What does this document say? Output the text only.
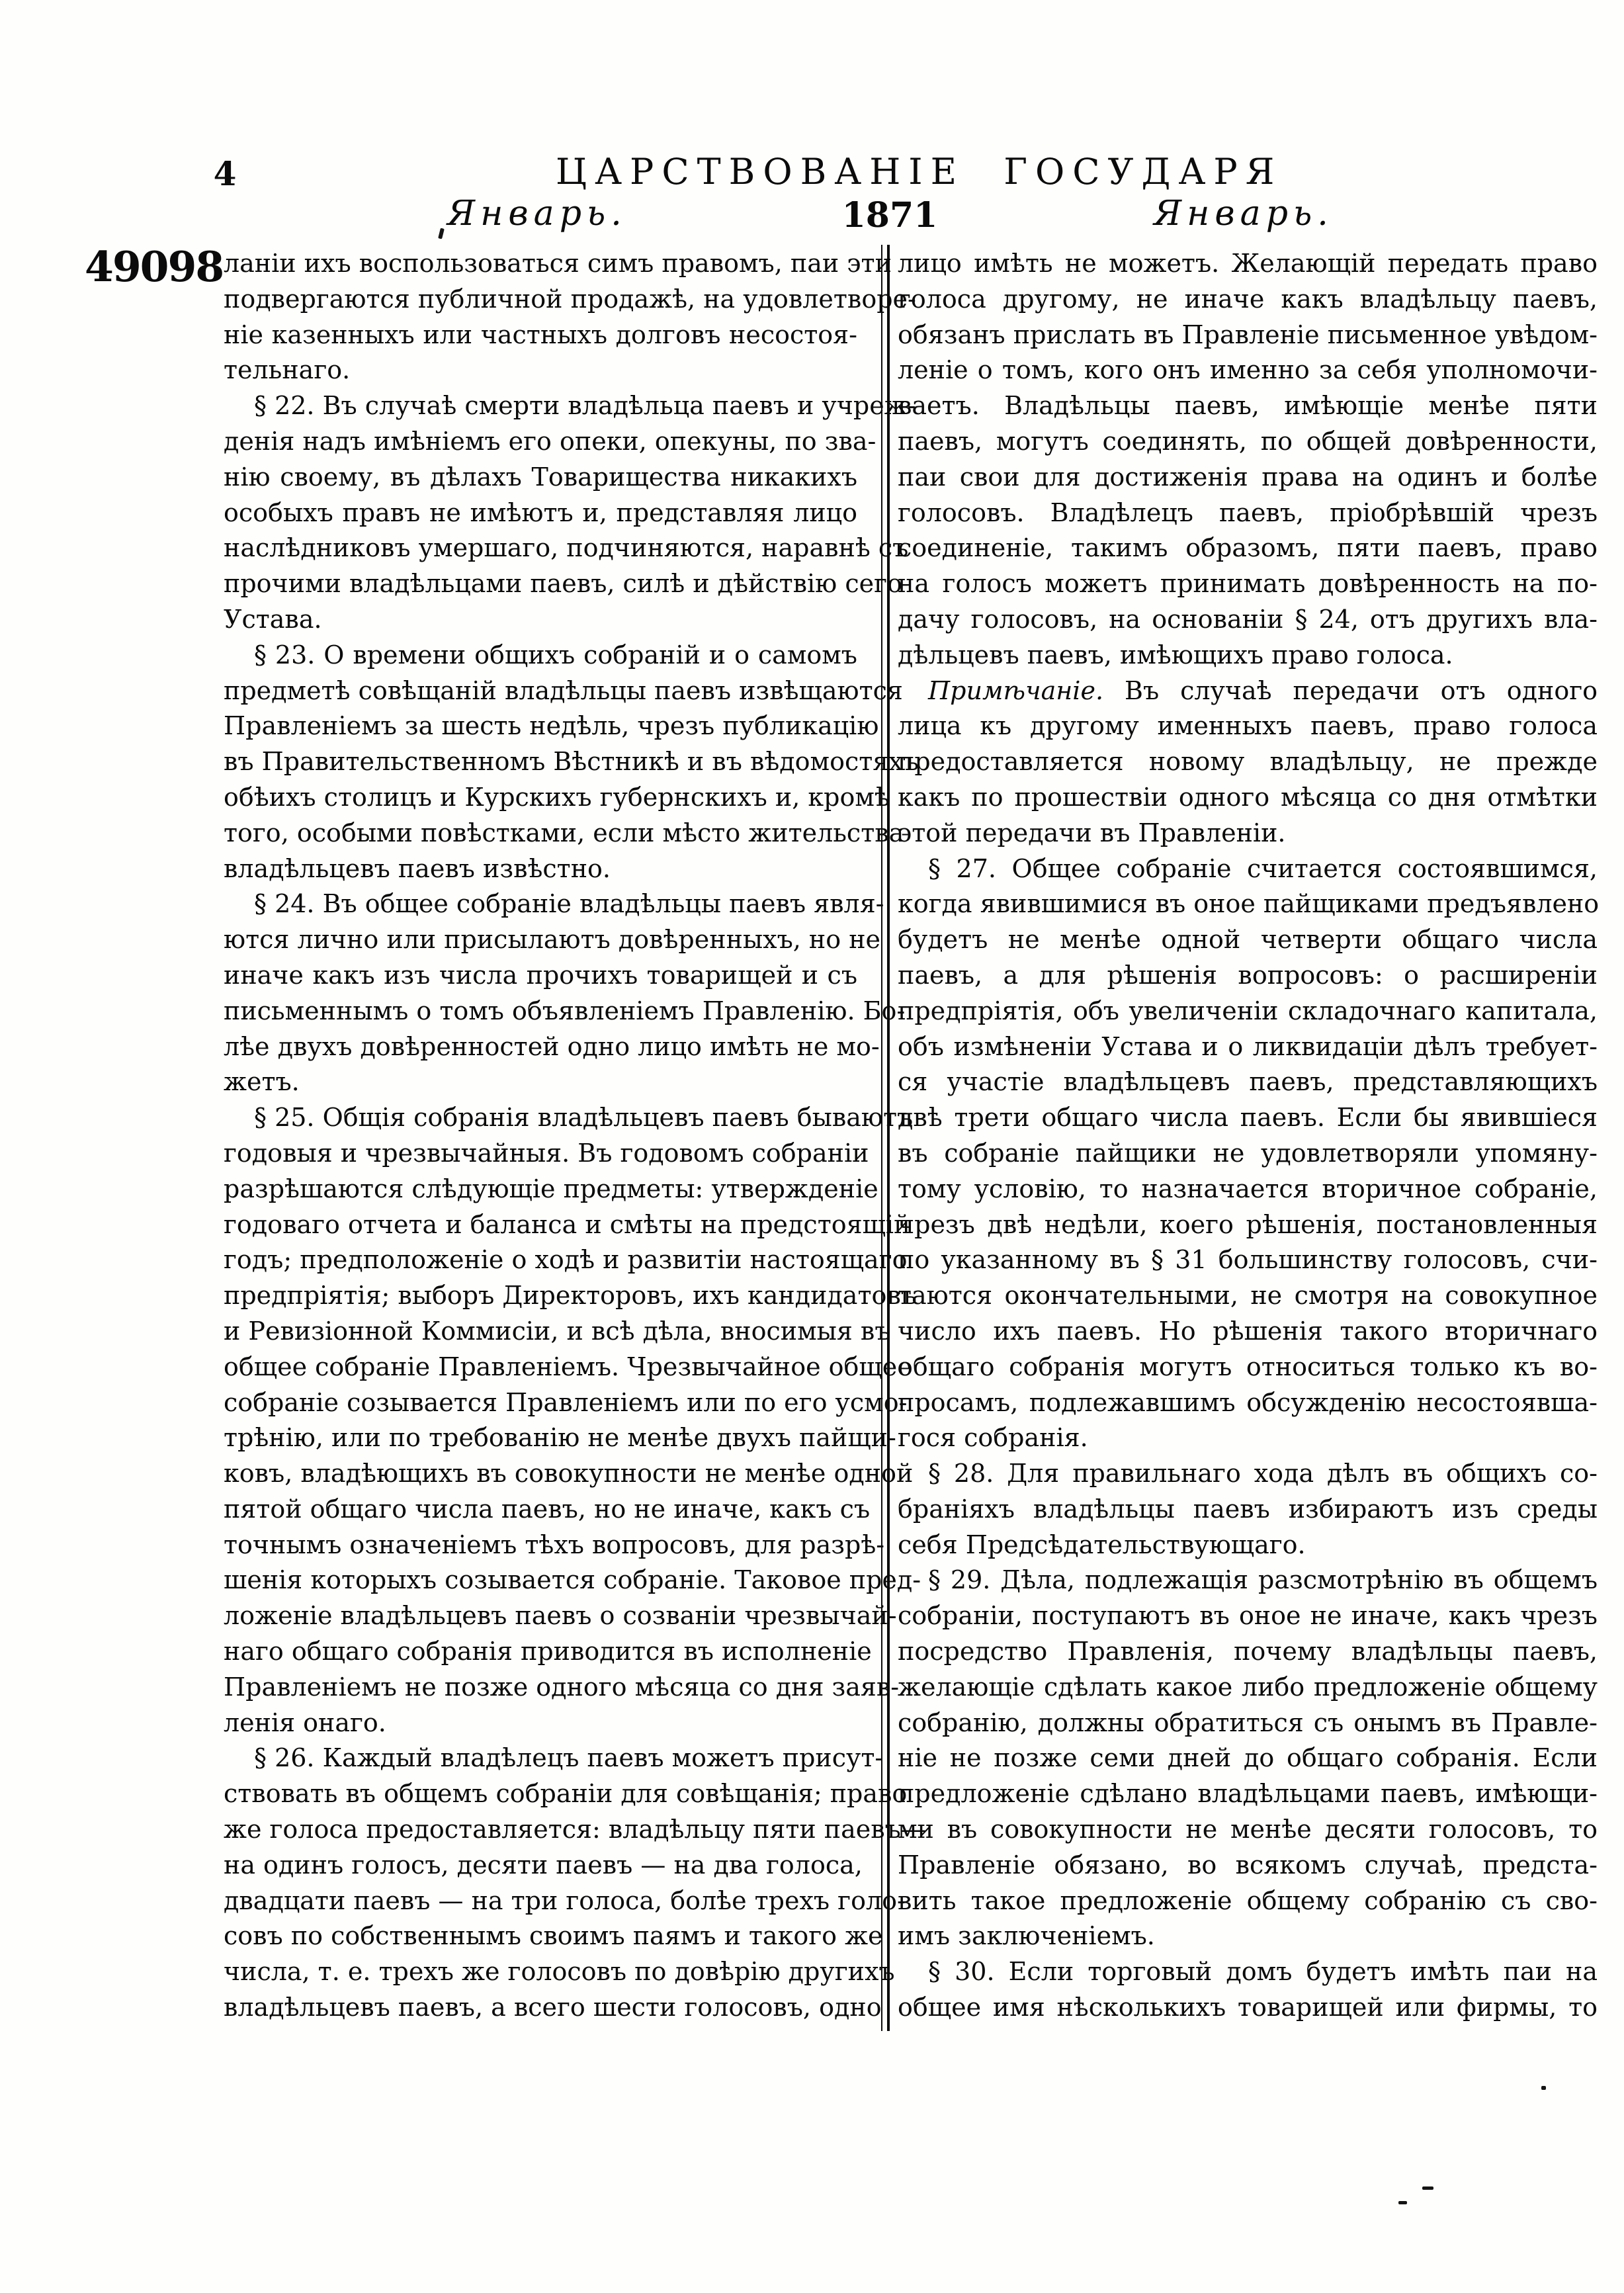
4	ЦАРСТВОВАНІЕ ГОСУДАРЯ
Январь.	1871	Январь.
49098 ланіи ихъ воспользоваться симъ правомъ, паи эти
подвергаются публичной продажѣ, на удовлетворе-
ніе казенныхъ или частныхъ долговъ несостоя-
тельнаго.
§ 22. Въ случаѣ смерти владѣльца паевъ и учреж-
денія надъ имѣніемъ его опеки, опекуны, по зва-
нію своему, въ дѣлахъ Товарищества никакихъ
особыхъ правъ не имѣютъ и, представляя лицо
наслѣдниковъ умершаго, подчиняются, наравнѣ съ
прочими владѣльцами паевъ, силѣ и дѣйствію сего
Устава.
§ 23. О времени общихъ собраній и о самомъ
предметѣ совѣщаній владѣльцы паевъ извѣщаются
Правленіемъ за шесть недѣль, чрезъ публикацію
въ Правительственномъ Вѣстникѣ и въ вѣдомостяхъ
обѣихъ столицъ и Курскихъ губернскихъ и, кромѣ
того, особыми повѣстками, если мѣсто жительства
владѣльцевъ паевъ извѣстно.
§ 24. Въ общее собраніе владѣльцы паевъ явля-
ются лично или присылаютъ довѣренныхъ, но не
иначе какъ изъ числа прочихъ товарищей и съ
письменнымъ о томъ объявленіемъ Правленію. Бо-
лѣе двухъ довѣренностей одно лицо имѣть не мо-
жетъ.
§ 25. Общія собранія владѣльцевъ паевъ бываютъ
годовыя и чрезвычайныя. Въ годовомъ собраніи
разрѣшаются слѣдующіе предметы: утвержденіе
годоваго отчета и баланса и смѣты на предстоящій
годъ; предположеніе о ходѣ и развитіи настоящаго
предпріятія; выборъ Директоровъ, ихъ кандидатовъ
и Ревизіонной Коммисіи, и всѣ дѣла, вносимыя въ
общее собраніе Правленіемъ. Чрезвычайное общее
собраніе созывается Правленіемъ или по его усмо-
трѣнію, или по требованію не менѣе двухъ пайщи-
ковъ, владѣющихъ въ совокупности не менѣе одной
пятой общаго числа паевъ, но не иначе, какъ съ
точнымъ означеніемъ тѣхъ вопросовъ, для разрѣ-
шенія которыхъ созывается собраніе. Таковое пред-
ложеніе владѣльцевъ паевъ о созваніи чрезвычай-
наго общаго собранія приводится въ исполненіе
Правленіемъ не позже одного мѣсяца со дня заяв-
ленія онаго.
§ 26. Каждый владѣлецъ паевъ можетъ присут-
ствовать въ общемъ собраніи для совѣщанія; право
же голоса предоставляется: владѣльцу пяти паевъ—
на одинъ голосъ, десяти паевъ — на два голоса,
двадцати паевъ — на три голоса, болѣе трехъ голо-
совъ по собственнымъ своимъ паямъ и такого же
числа, т. е. трехъ же голосовъ по довѣрію другихъ
владѣльцевъ паевъ, а всего шести голосовъ, одно
лицо имѣть не можетъ. Желающій передать право
голоса другому, не иначе какъ владѣльцу паевъ,
обязанъ прислать въ Правленіе письменное увѣдом-
леніе о томъ, кого онъ именно за себя уполномочи-
ваетъ. Владѣльцы паевъ, имѣющіе менѣе пяти
паевъ, могутъ соединять, по общей довѣренности,
паи свои для достиженія права на одинъ и болѣе
голосовъ. Владѣлецъ паевъ, пріобрѣвшій чрезъ
соединеніе, такимъ образомъ, пяти паевъ, право
на голосъ можетъ принимать довѣренность на по-
дачу голосовъ, на основаніи § 24, отъ другихъ вла-
дѣльцевъ паевъ, имѣющихъ право голоса.
Примѣчаніе. Въ случаѣ передачи отъ одного
лица къ другому именныхъ паевъ, право голоса
предоставляется новому владѣльцу, не прежде
какъ по прошествіи одного мѣсяца со дня отмѣтки
этой передачи въ Правленіи.
§ 27. Общее собраніе считается состоявшимся,
когда явившимися въ оное пайщиками предъявлено
будетъ не менѣе одной четверти общаго числа
паевъ, а для рѣшенія вопросовъ: о расширеніи
предпріятія, объ увеличеніи складочнаго капитала,
объ измѣненіи Устава и о ликвидаціи дѣлъ требует-
ся участіе владѣльцевъ паевъ, представляющихъ
двѣ трети общаго числа паевъ. Если бы явившіеся
въ собраніе пайщики не удовлетворяли упомяну-
тому условію, то назначается вторичное собраніе,
чрезъ двѣ недѣли, коего рѣшенія, постановленныя
по указанному въ § 31 большинству голосовъ, счи-
таются окончательными, не смотря на совокупное
число ихъ паевъ. Но рѣшенія такого вторичнаго
общаго собранія могутъ относиться только къ во-
просамъ, подлежавшимъ обсужденію несостоявша-
гося собранія.
§ 28. Для правильнаго хода дѣлъ въ общихъ со-
браніяхъ владѣльцы паевъ избираютъ изъ среды
себя Предсѣдательствующаго.
§ 29. Дѣла, подлежащія разсмотрѣнію въ общемъ
собраніи, поступаютъ въ оное не иначе, какъ чрезъ
посредство Правленія, почему владѣльцы паевъ,
желающіе сдѣлать какое либо предложеніе общему
собранію, должны обратиться съ онымъ въ Правле-
ніе не позже семи дней до общаго собранія. Если
предложеніе сдѣлано владѣльцами паевъ, имѣющи-
ми въ совокупности не менѣе десяти голосовъ, то
Правленіе обязано, во всякомъ случаѣ, предста-
вить такое предложеніе общему собранію съ сво-
имъ заключеніемъ.
§ 30. Если торговый домъ будетъ имѣть паи на
общее имя нѣсколькихъ товарищей или фирмы, то
